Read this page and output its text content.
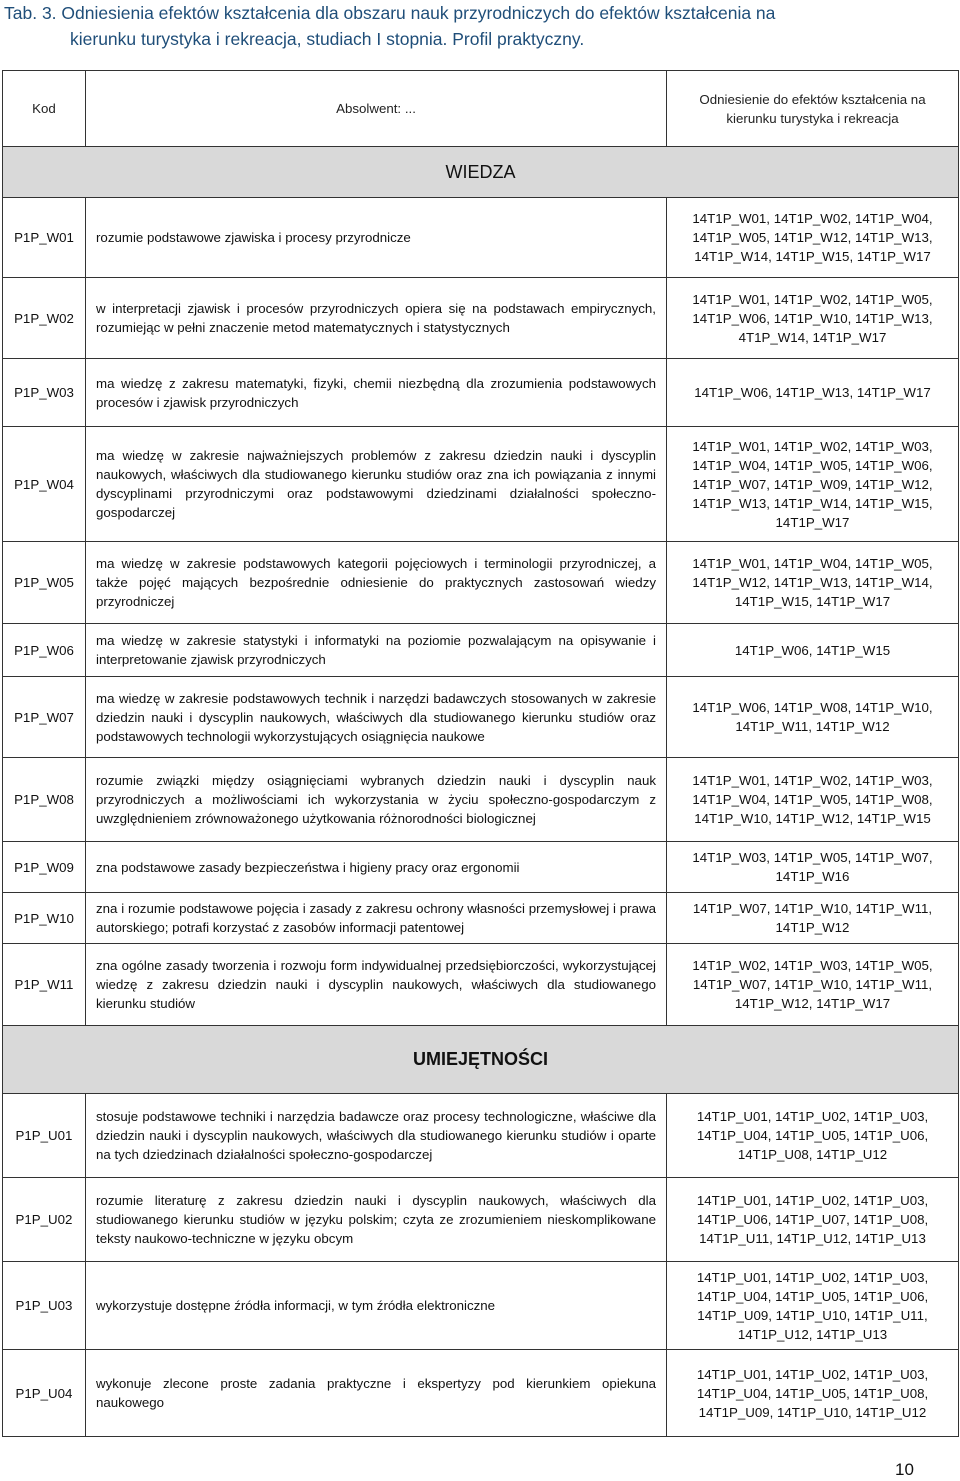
Tab. 3. Odniesienia efektów kształcenia dla obszaru nauk przyrodniczych do efektów kształcenia na
kierunku turystyka i rekreacja, studiach I stopnia. Profil praktyczny.
Kod	Absolwent: ...	Odniesienie do efektów kształcenia na kierunku turystyka i rekreacja
WIEDZA		
P1P_W01	rozumie podstawowe zjawiska i procesy przyrodnicze	14T1P_W01, 14T1P_W02, 14T1P_W04, 14T1P_W05, 14T1P_W12, 14T1P_W13, 14T1P_W14, 14T1P_W15, 14T1P_W17
P1P_W02	w interpretacji zjawisk i procesów przyrodniczych opiera się na podstawach empirycznych, rozumiejąc w pełni znaczenie metod matematycznych i statystycznych	14T1P_W01, 14T1P_W02, 14T1P_W05, 14T1P_W06, 14T1P_W10, 14T1P_W13, 4T1P_W14, 14T1P_W17
P1P_W03	ma wiedzę z zakresu matematyki, fizyki, chemii niezbędną dla zrozumienia podstawowych procesów i zjawisk przyrodniczych	14T1P_W06, 14T1P_W13, 14T1P_W17
P1P_W04	ma wiedzę w zakresie najważniejszych problemów z zakresu dziedzin nauki i dyscyplin naukowych, właściwych dla studiowanego kierunku studiów oraz zna ich powiązania z innymi dyscyplinami przyrodniczymi oraz podstawowymi dziedzinami działalności społeczno-gospodarczej	14T1P_W01, 14T1P_W02, 14T1P_W03, 14T1P_W04, 14T1P_W05, 14T1P_W06, 14T1P_W07, 14T1P_W09, 14T1P_W12, 14T1P_W13, 14T1P_W14, 14T1P_W15, 14T1P_W17
P1P_W05	ma wiedzę w zakresie podstawowych kategorii pojęciowych i terminologii przyrodniczej, a także pojęć mających bezpośrednie odniesienie do praktycznych zastosowań wiedzy przyrodniczej	14T1P_W01, 14T1P_W04, 14T1P_W05, 14T1P_W12, 14T1P_W13, 14T1P_W14, 14T1P_W15, 14T1P_W17
P1P_W06	ma wiedzę w zakresie statystyki i informatyki na poziomie pozwalającym na opisywanie i interpretowanie zjawisk przyrodniczych	14T1P_W06, 14T1P_W15
P1P_W07	ma wiedzę w zakresie podstawowych technik i narzędzi badawczych stosowanych w zakresie dziedzin nauki i dyscyplin naukowych, właściwych dla studiowanego kierunku studiów oraz podstawowych technologii wykorzystujących osiągnięcia naukowe	14T1P_W06, 14T1P_W08, 14T1P_W10, 14T1P_W11, 14T1P_W12
P1P_W08	rozumie związki między osiągnięciami wybranych dziedzin nauki i dyscyplin nauk przyrodniczych a możliwościami ich wykorzystania w życiu społeczno-gospodarczym z uwzględnieniem zrównoważonego użytkowania różnorodności biologicznej	14T1P_W01, 14T1P_W02, 14T1P_W03, 14T1P_W04, 14T1P_W05, 14T1P_W08, 14T1P_W10, 14T1P_W12, 14T1P_W15
P1P_W09	zna podstawowe zasady bezpieczeństwa i higieny pracy oraz ergonomii	14T1P_W03, 14T1P_W05, 14T1P_W07, 14T1P_W16
P1P_W10	zna i rozumie podstawowe pojęcia i zasady z zakresu ochrony własności przemysłowej i prawa autorskiego; potrafi korzystać z zasobów informacji patentowej	14T1P_W07, 14T1P_W10, 14T1P_W11, 14T1P_W12
P1P_W11	zna ogólne zasady tworzenia i rozwoju form indywidualnej przedsiębiorczości, wykorzystującej wiedzę z zakresu dziedzin nauki i dyscyplin naukowych, właściwych dla studiowanego kierunku studiów	14T1P_W02, 14T1P_W03, 14T1P_W05, 14T1P_W07, 14T1P_W10, 14T1P_W11, 14T1P_W12, 14T1P_W17
UMIEJĘTNOŚCI		
P1P_U01	stosuje podstawowe techniki i narzędzia badawcze oraz procesy technologiczne, właściwe dla dziedzin nauki i dyscyplin naukowych, właściwych dla studiowanego kierunku studiów i oparte na tych dziedzinach działalności społeczno-gospodarczej	14T1P_U01, 14T1P_U02, 14T1P_U03, 14T1P_U04, 14T1P_U05, 14T1P_U06, 14T1P_U08, 14T1P_U12
P1P_U02	rozumie literaturę z zakresu dziedzin nauki i dyscyplin naukowych, właściwych dla studiowanego kierunku studiów w języku polskim; czyta ze zrozumieniem nieskomplikowane teksty naukowo-techniczne w języku obcym	14T1P_U01, 14T1P_U02, 14T1P_U03, 14T1P_U06, 14T1P_U07, 14T1P_U08, 14T1P_U11, 14T1P_U12, 14T1P_U13
P1P_U03	wykorzystuje dostępne źródła informacji, w tym źródła elektroniczne	14T1P_U01, 14T1P_U02, 14T1P_U03, 14T1P_U04, 14T1P_U05, 14T1P_U06, 14T1P_U09, 14T1P_U10, 14T1P_U11, 14T1P_U12, 14T1P_U13
P1P_U04	wykonuje zlecone proste zadania praktyczne i ekspertyzy pod kierunkiem opiekuna naukowego	14T1P_U01, 14T1P_U02, 14T1P_U03, 14T1P_U04, 14T1P_U05, 14T1P_U08, 14T1P_U09, 14T1P_U10, 14T1P_U12
10
